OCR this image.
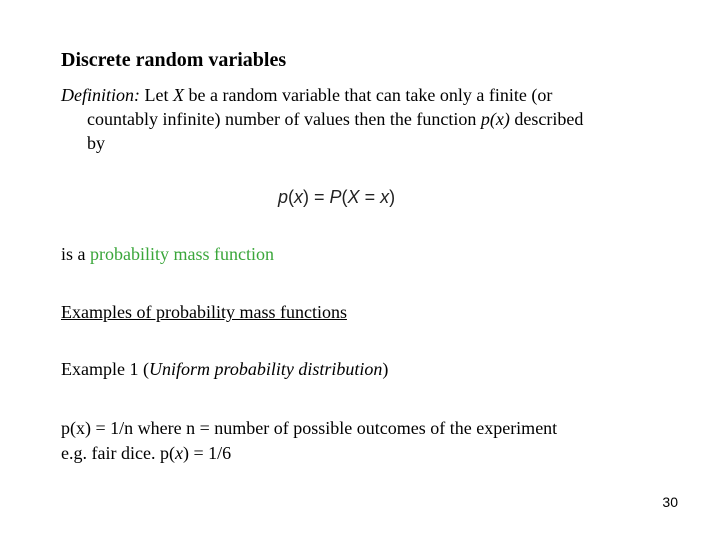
Discrete random variables
Definition: Let X be a random variable that can take only a finite (or
countably infinite) number of values then the function p(x) described
by
p(x) = P(X = x)
is a probability mass function
Examples of probability mass functions
Example 1 (Uniform probability distribution)
p(x) = 1/n where n = number of possible outcomes of the experiment
e.g. fair dice. p(x) = 1/6
30
